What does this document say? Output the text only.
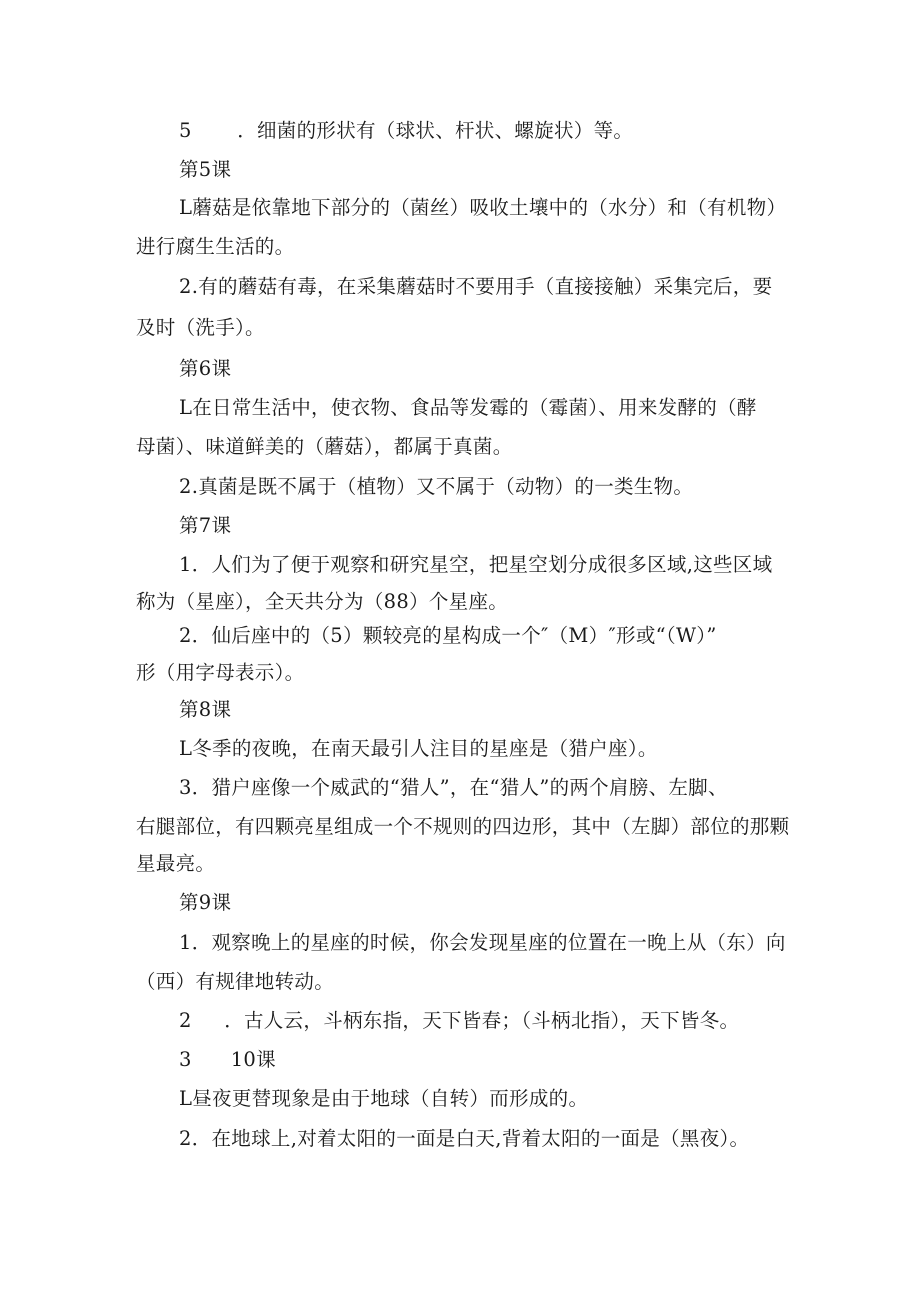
5       ．细菌的形状有（球状、杆状、螺旋状）等。
第5课
L蘑菇是依靠地下部分的（菌丝）吸收土壤中的（水分）和（有机物）
进行腐生生活的。
2.有的蘑菇有毒，在采集蘑菇时不要用手（直接接触）采集完后，要
及时（洗手）。
第6课
L在日常生活中，使衣物、食品等发霉的（霉菌）、用来发酵的（酵
母菌）、味道鲜美的（蘑菇），都属于真菌。
2.真菌是既不属于（植物）又不属于（动物）的一类生物。
第7课
1．人们为了便于观察和研究星空，把星空划分成很多区域,这些区域
称为（星座），全天共分为（88）个星座。
2．仙后座中的（5）颗较亮的星构成一个″（M）″形或“（W）”
形（用字母表示）。
第8课
L冬季的夜晚，在南天最引人注目的星座是（猎户座）。
3．猎户座像一个威武的“猎人”，在“猎人”的两个肩膀、左脚、
右腿部位，有四颗亮星组成一个不规则的四边形，其中（左脚）部位的那颗
星最亮。
第9课
1．观察晚上的星座的时候，你会发现星座的位置在一晚上从（东）向
（西）有规律地转动。
2     ．古人云，斗柄东指，天下皆春；（斗柄北指），天下皆冬。
3      10课
L昼夜更替现象是由于地球（自转）而形成的。
2．在地球上,对着太阳的一面是白天,背着太阳的一面是（黑夜）。
